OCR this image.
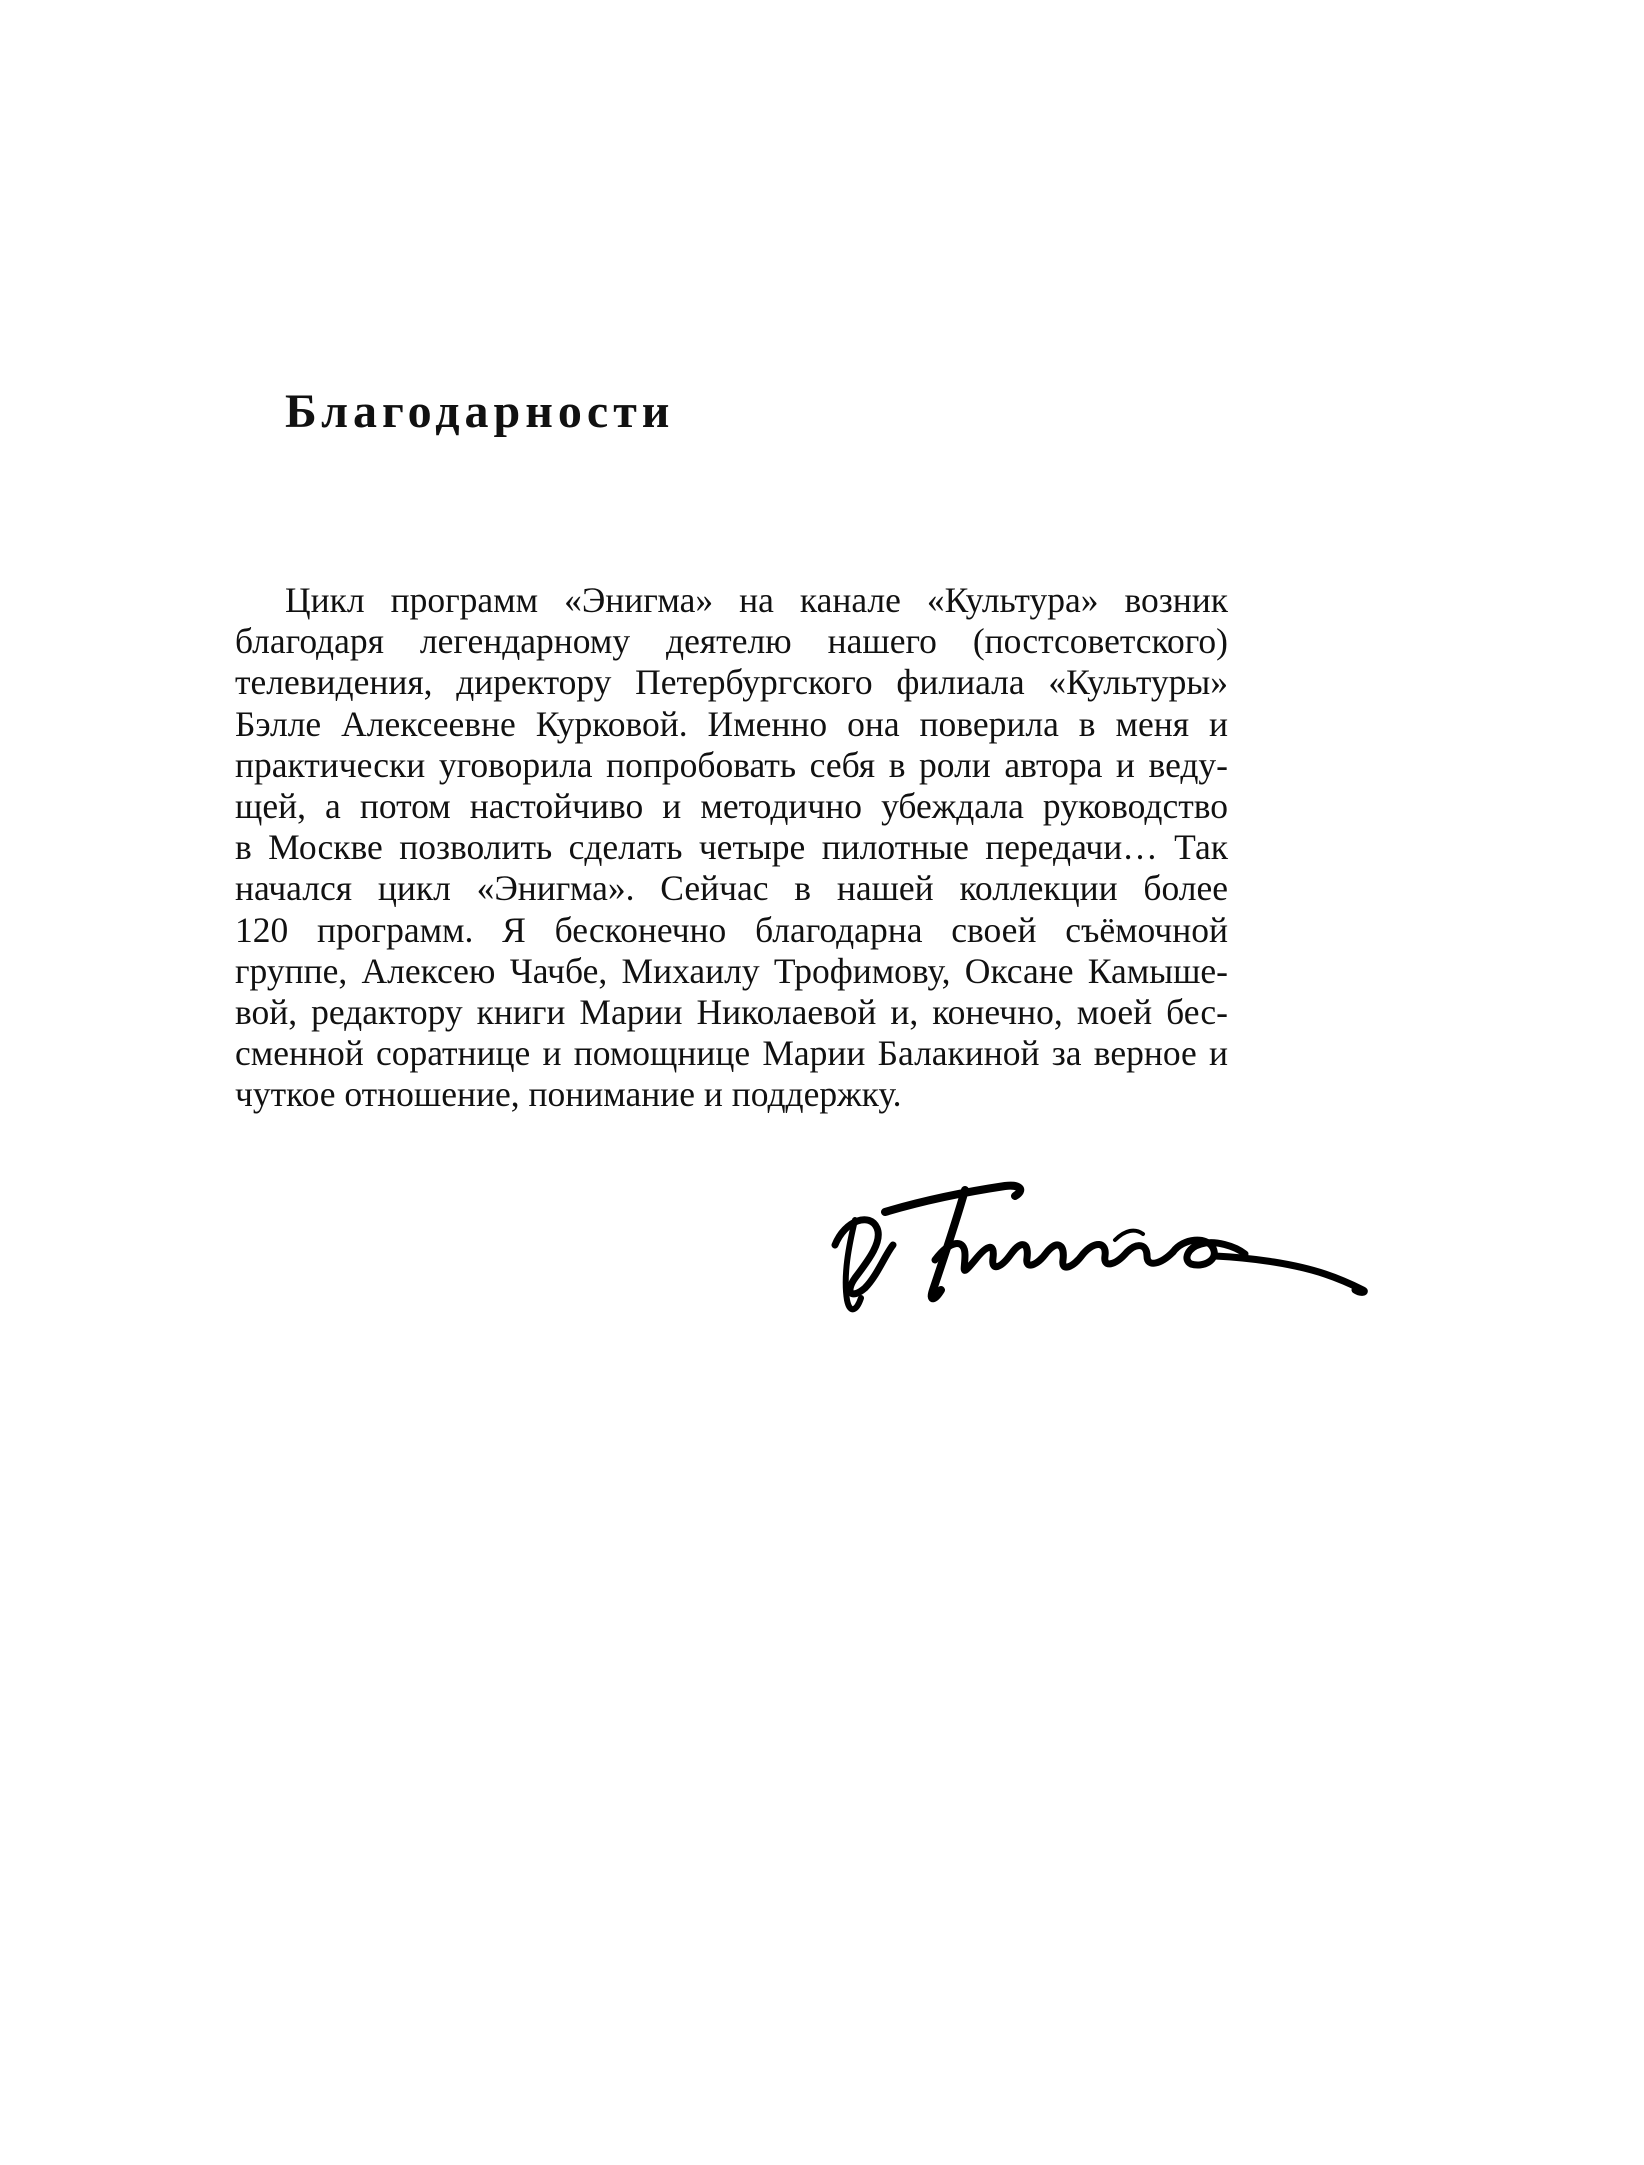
Благодарности
Цикл программ «Энигма» на канале «Культура» возник
благодаря легендарному деятелю нашего (постсоветского)
телевидения, директору Петербургского филиала «Культуры»
Бэлле Алексеевне Курковой. Именно она поверила в меня и
практически уговорила попробовать себя в роли автора и веду-
щей, а потом настойчиво и методично убеждала руководство
в Москве позволить сделать четыре пилотные передачи… Так
начался цикл «Энигма». Сейчас в нашей коллекции более
120 программ. Я бесконечно благодарна своей съёмочной
группе, Алексею Чачбе, Михаилу Трофимову, Оксане Камыше-
вой, редактору книги Марии Николаевой и, конечно, моей бес-
сменной соратнице и помощнице Марии Балакиной за верное и
чуткое отношение, понимание и поддержку.
